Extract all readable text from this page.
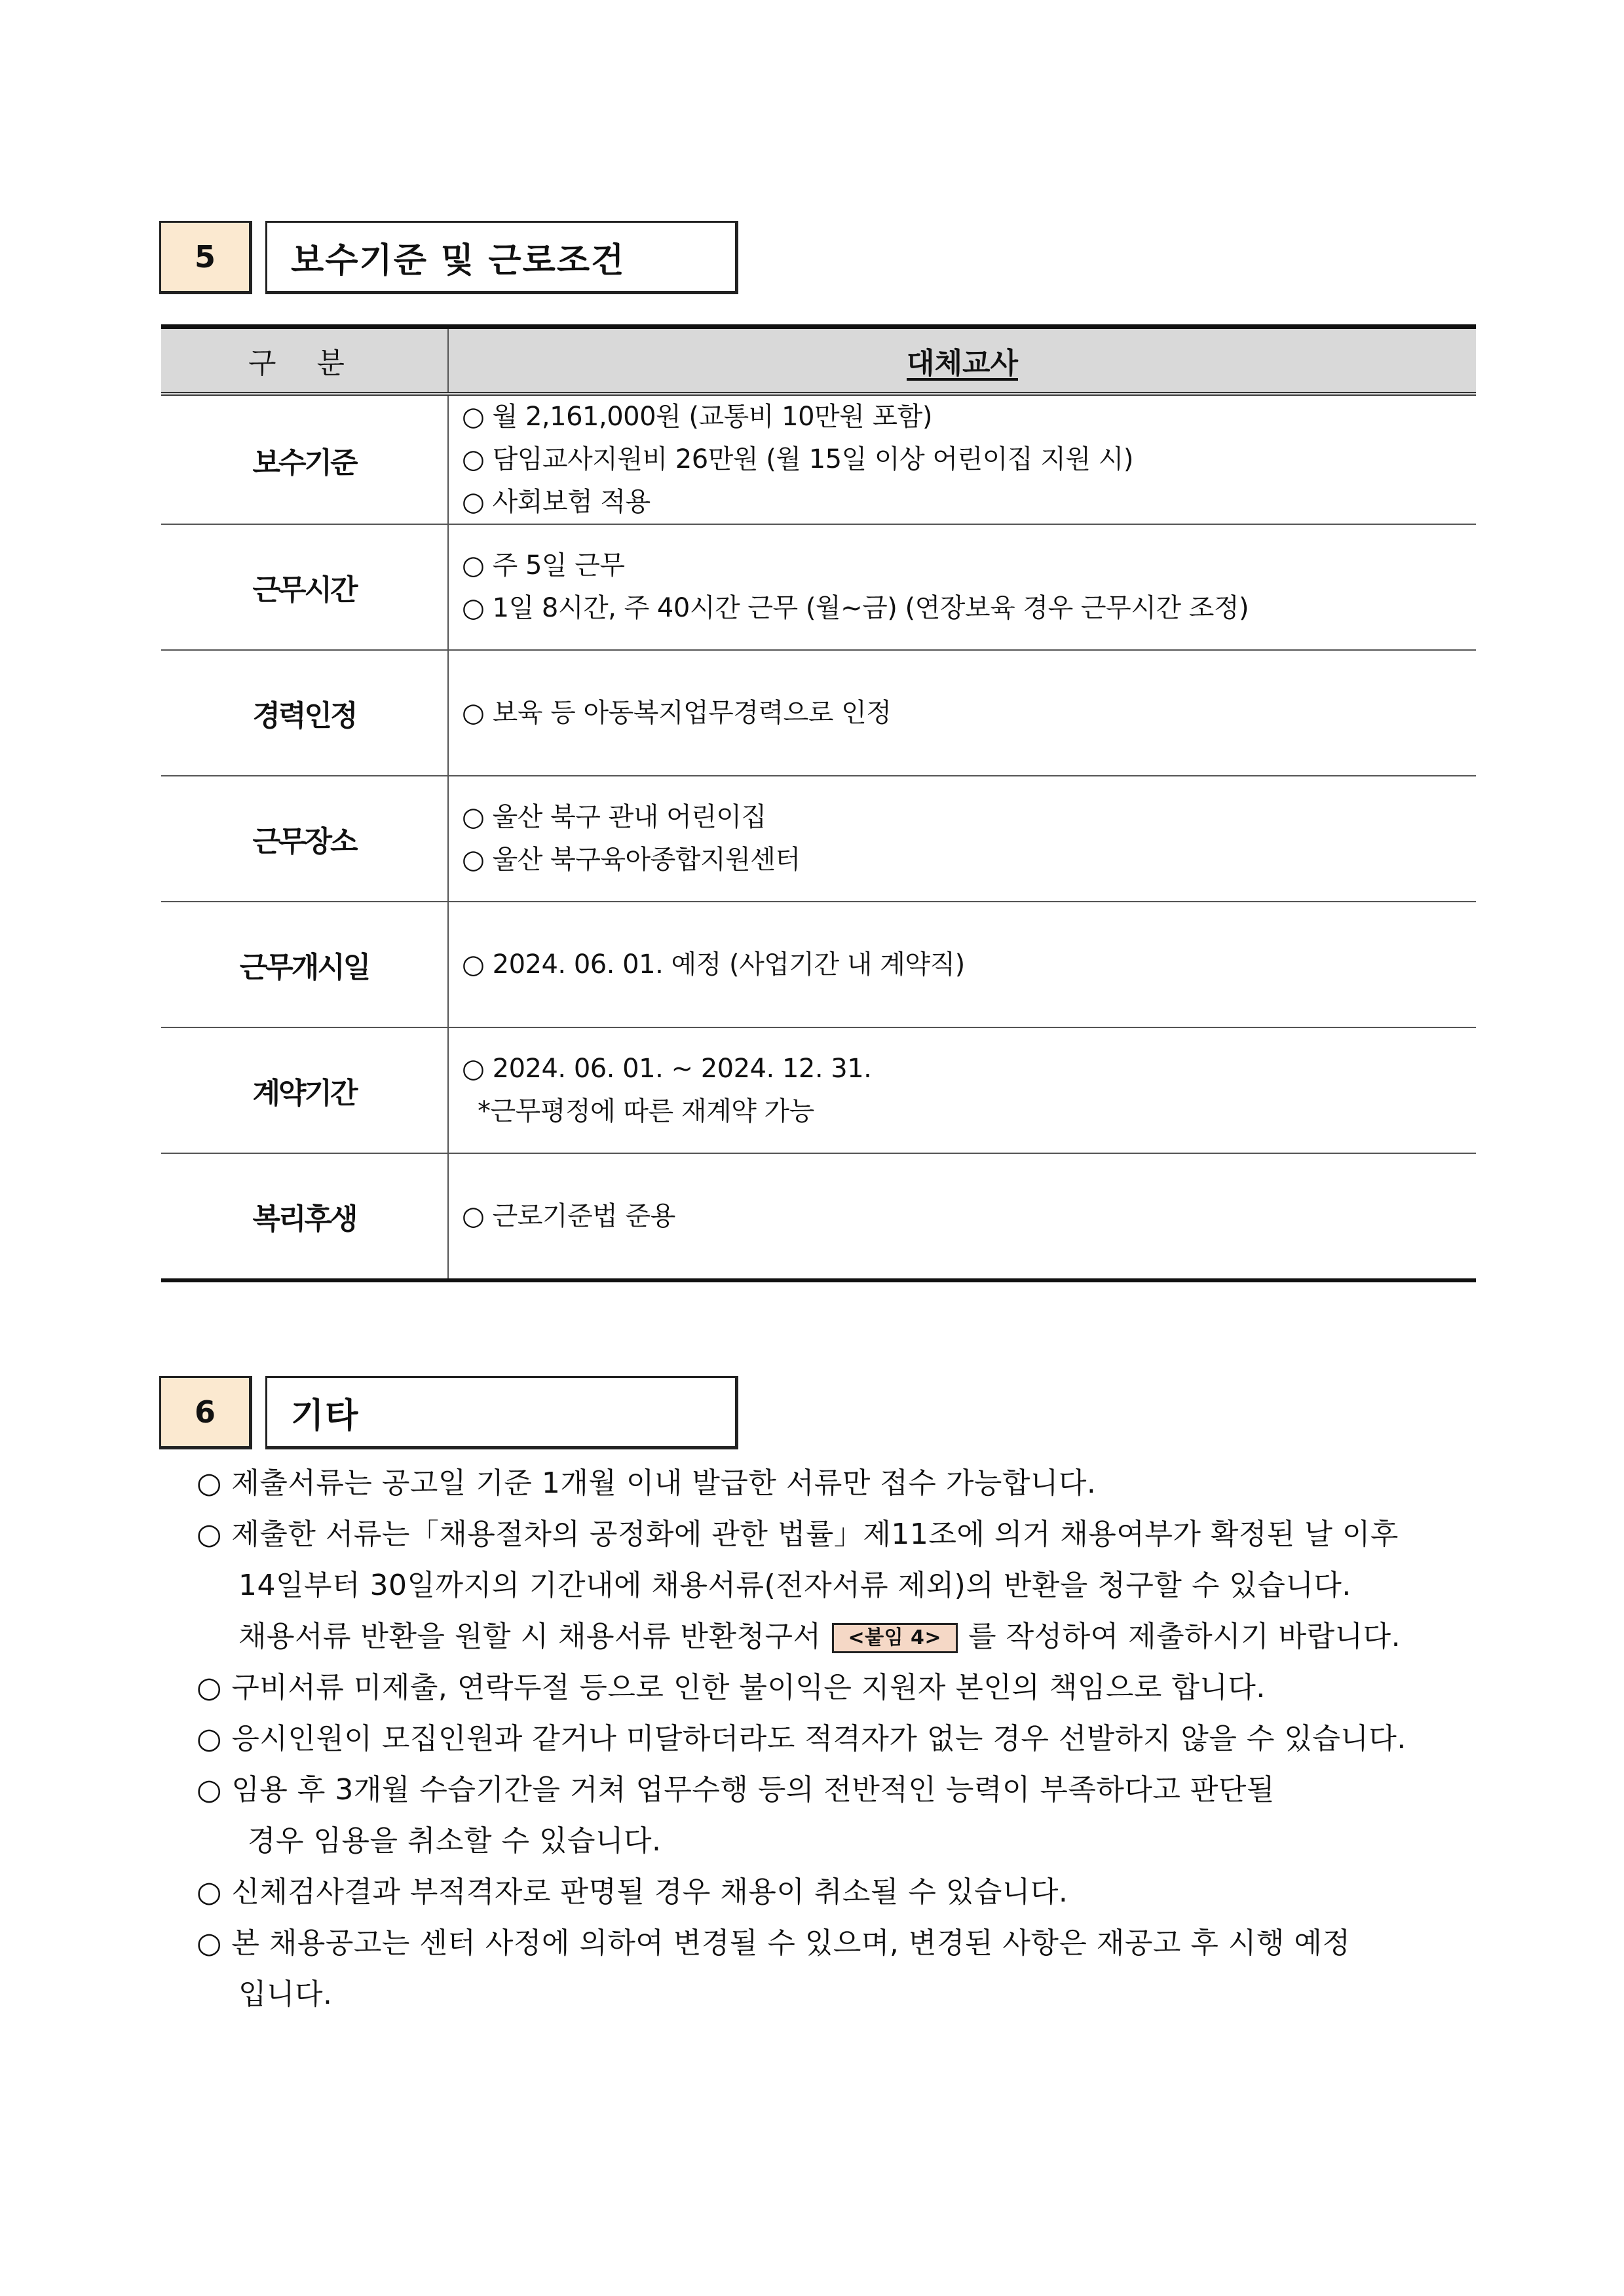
5	보수기준 및 근로조건
구 분	대체교사
보수기준	○ 월 2,161,000원 (교통비 10만원 포함)
○ 담임교사지원비 26만원 (월 15일 이상 어린이집 지원 시)
○ 사회보험 적용

근무시간	○ 주 5일 근무
○ 1일 8시간, 주 40시간 근무 (월~금) (연장보육 경우 근무시간 조정)

경력인정	○ 보육 등 아동복지업무경력으로 인정

근무장소	○ 울산 북구 관내 어린이집
○ 울산 북구육아종합지원센터

근무개시일	○ 2024. 06. 01. 예정 (사업기간 내 계약직)

계약기간	○ 2024. 06. 01. ~ 2024. 12. 31.
*근무평정에 따른 재계약 가능

복리후생	○ 근로기준법 준용
6	기타
○ 제출서류는 공고일 기준 1개월 이내 발급한 서류만 접수 가능합니다.
○ 제출한 서류는「채용절차의 공정화에 관한 법률」제11조에 의거 채용여부가 확정된 날 이후
14일부터 30일까지의 기간내에 채용서류(전자서류 제외)의 반환을 청구할 수 있습니다.
채용서류 반환을 원할 시 채용서류 반환청구서 <붙임 4> 를 작성하여 제출하시기 바랍니다.
○ 구비서류 미제출, 연락두절 등으로 인한 불이익은 지원자 본인의 책임으로 합니다.
○ 응시인원이 모집인원과 같거나 미달하더라도 적격자가 없는 경우 선발하지 않을 수 있습니다.
○ 임용 후 3개월 수습기간을 거쳐 업무수행 등의 전반적인 능력이 부족하다고 판단될
경우 임용을 취소할 수 있습니다.
○ 신체검사결과 부적격자로 판명될 경우 채용이 취소될 수 있습니다.
○ 본 채용공고는 센터 사정에 의하여 변경될 수 있으며, 변경된 사항은 재공고 후 시행 예정
입니다.
